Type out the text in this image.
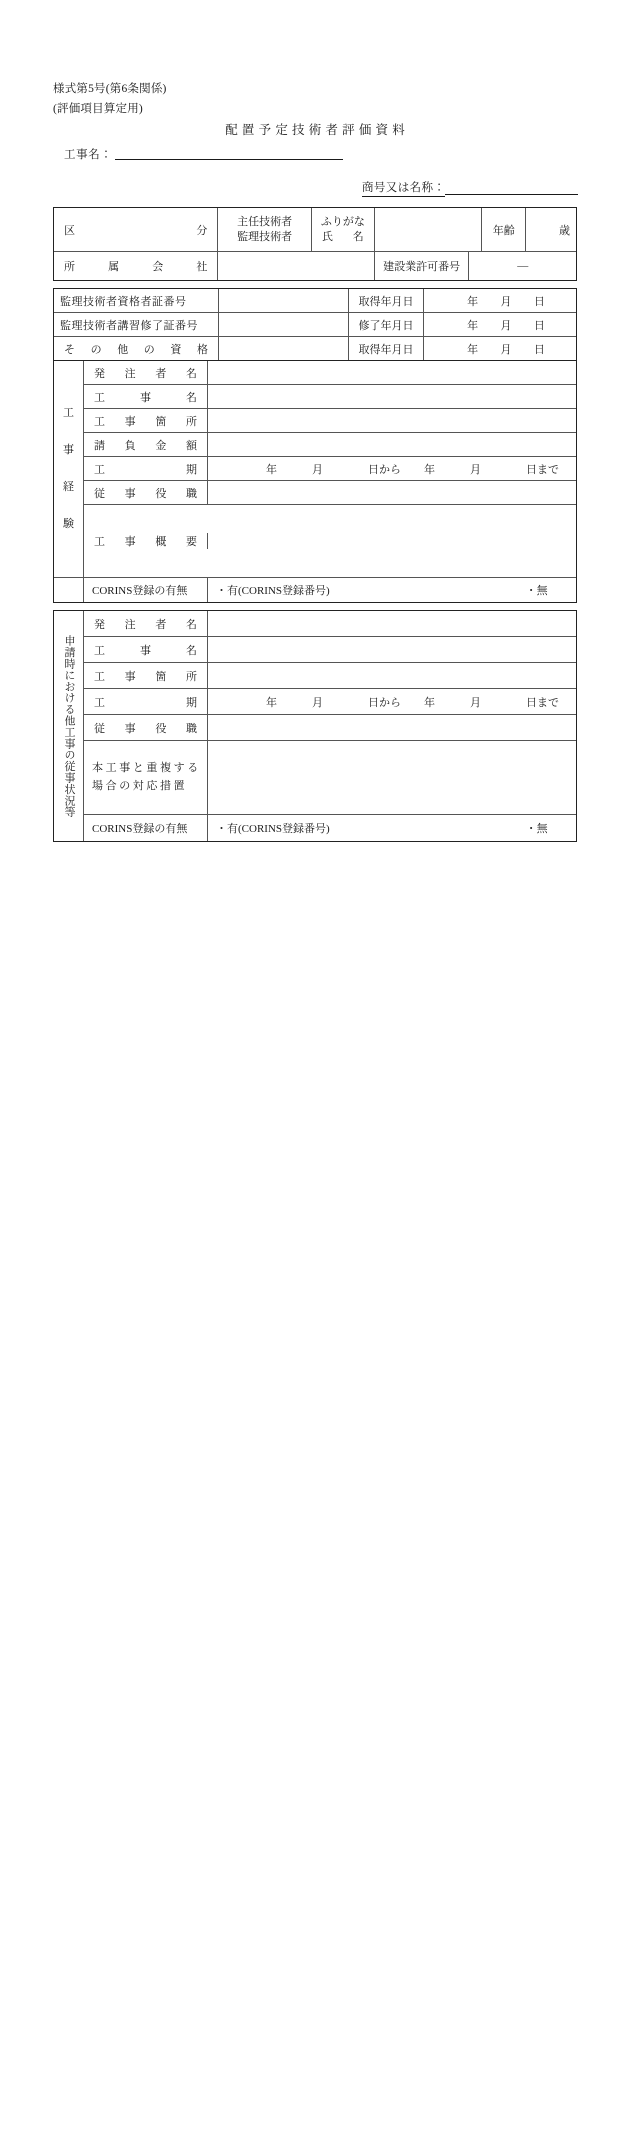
様式第5号(第6条関係)
(評価項目算定用)
配置予定技術者評価資料
工事名：
商号又は名称：
区	分
主任技術者
監理技術者
ふりがな
氏 名	年齢	歳
所	属	会	社	建設業許可番号	—
監理技術者資格者証番号	取得年月日	年 月 日
監理技術者講習修了証番号	修了年月日	年 月 日
そ の 他 の 資 格	取得年月日	年 月 日
工
事
経
験
発 注 者 名
工	事	名
工 事 箇 所
請 負 金 額
工	期	年	月	日から	年	月	日まで
従 事 役 職
工 事 概 要
CORINS登録の有無	・有(CORINS登録番号)	・無
申請時における他工事の従事状況等
発 注 者 名
工	事	名
工 事 箇 所
工	期	年	月	日から	年	月	日まで
従 事 役 職
本工事と重複する
場合の対応措置
CORINS登録の有無	・有(CORINS登録番号)	・無
